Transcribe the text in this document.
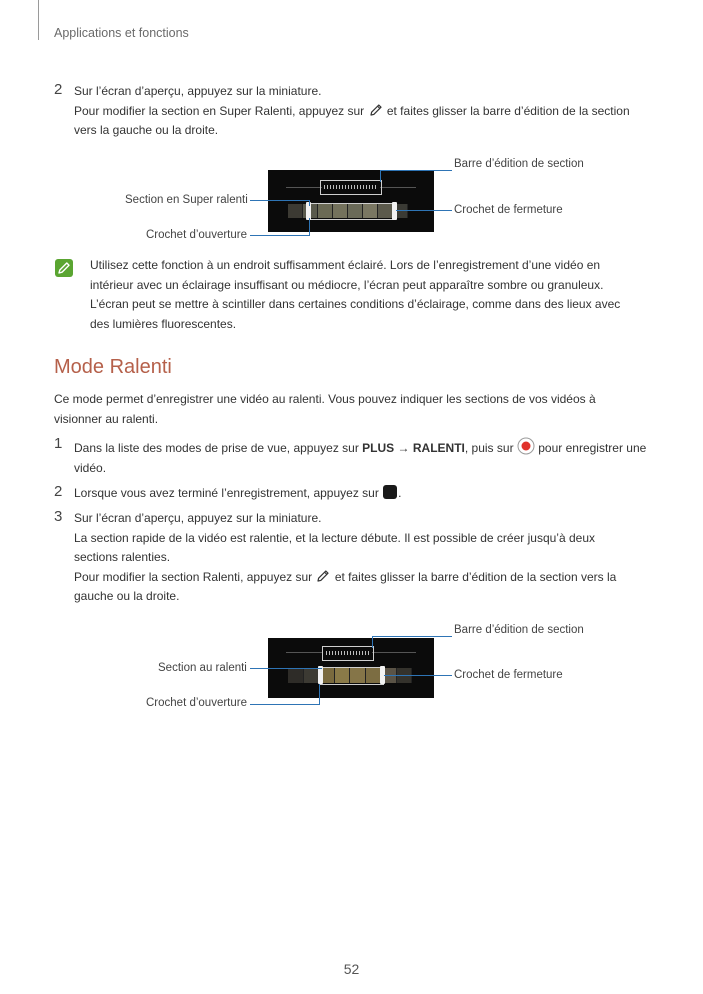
Applications et fonctions
2 Sur l’écran d’aperçu, appuyez sur la miniature.
Pour modifier la section en Super Ralenti, appuyez sur et faites glisser la barre d’édition de la section
vers la gauche ou la droite.
Barre d’édition de section
Section en Super ralenti
Crochet de fermeture
Crochet d’ouverture
Utilisez cette fonction à un endroit suffisamment éclairé. Lors de l’enregistrement d’une vidéo en
intérieur avec un éclairage insuffisant ou médiocre, l’écran peut apparaître sombre ou granuleux.
L’écran peut se mettre à scintiller dans certaines conditions d’éclairage, comme dans des lieux avec
des lumières fluorescentes.
Mode Ralenti
Ce mode permet d’enregistrer une vidéo au ralenti. Vous pouvez indiquer les sections de vos vidéos à
visionner au ralenti.
1 Dans la liste des modes de prise de vue, appuyez sur PLUS → RALENTI, puis sur pour enregistrer une
vidéo.
2 Lorsque vous avez terminé l’enregistrement, appuyez sur .
3 Sur l’écran d’aperçu, appuyez sur la miniature.
La section rapide de la vidéo est ralentie, et la lecture débute. Il est possible de créer jusqu’à deux
sections ralenties.
Pour modifier la section Ralenti, appuyez sur et faites glisser la barre d’édition de la section vers la
gauche ou la droite.
Barre d’édition de section
Section au ralenti
Crochet de fermeture
Crochet d’ouverture
52
